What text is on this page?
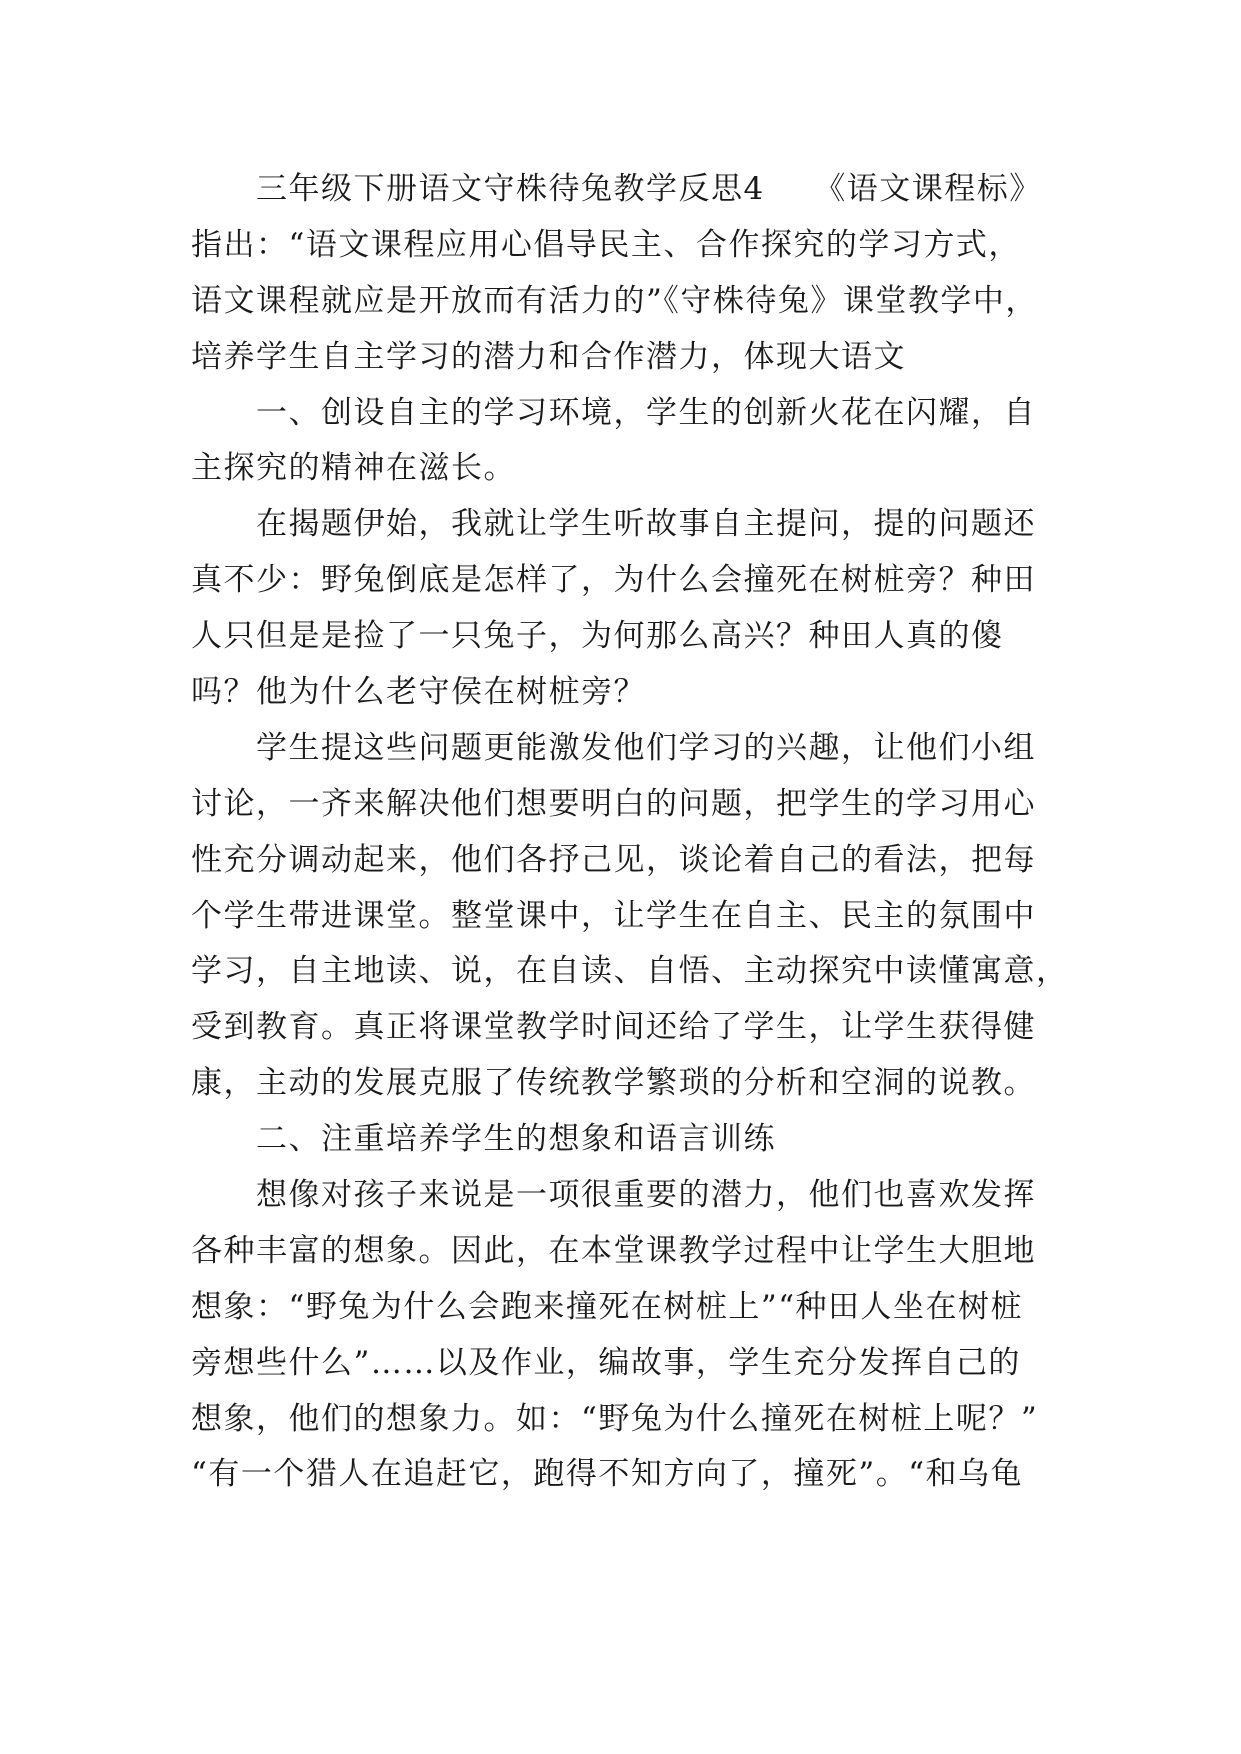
　　三年级下册语文守株待兔教学反思4　　《语文课程标》
指出：“语文课程应用心倡导民主、合作探究的学习方式，
语文课程就应是开放而有活力的”《守株待兔》课堂教学中，
培养学生自主学习的潜力和合作潜力，体现大语文
　　一、创设自主的学习环境，学生的创新火花在闪耀，自
主探究的精神在滋长。
　　在揭题伊始，我就让学生听故事自主提问，提的问题还
真不少：野兔倒底是怎样了，为什么会撞死在树桩旁？种田
人只但是是捡了一只兔子，为何那么高兴？种田人真的傻
吗？他为什么老守侯在树桩旁？
　　学生提这些问题更能激发他们学习的兴趣，让他们小组
讨论，一齐来解决他们想要明白的问题，把学生的学习用心
性充分调动起来，他们各抒己见，谈论着自己的看法，把每
个学生带进课堂。整堂课中，让学生在自主、民主的氛围中
学习，自主地读、说，在自读、自悟、主动探究中读懂寓意，
受到教育。真正将课堂教学时间还给了学生，让学生获得健
康，主动的发展克服了传统教学繁琐的分析和空洞的说教。
　　二、注重培养学生的想象和语言训练
　　想像对孩子来说是一项很重要的潜力，他们也喜欢发挥
各种丰富的想象。因此，在本堂课教学过程中让学生大胆地
想象：“野兔为什么会跑来撞死在树桩上”“种田人坐在树桩
旁想些什么”……以及作业，编故事，学生充分发挥自己的
想象，他们的想象力。如：“野兔为什么撞死在树桩上呢？”
“有一个猎人在追赶它，跑得不知方向了，撞死”。“和乌龟
